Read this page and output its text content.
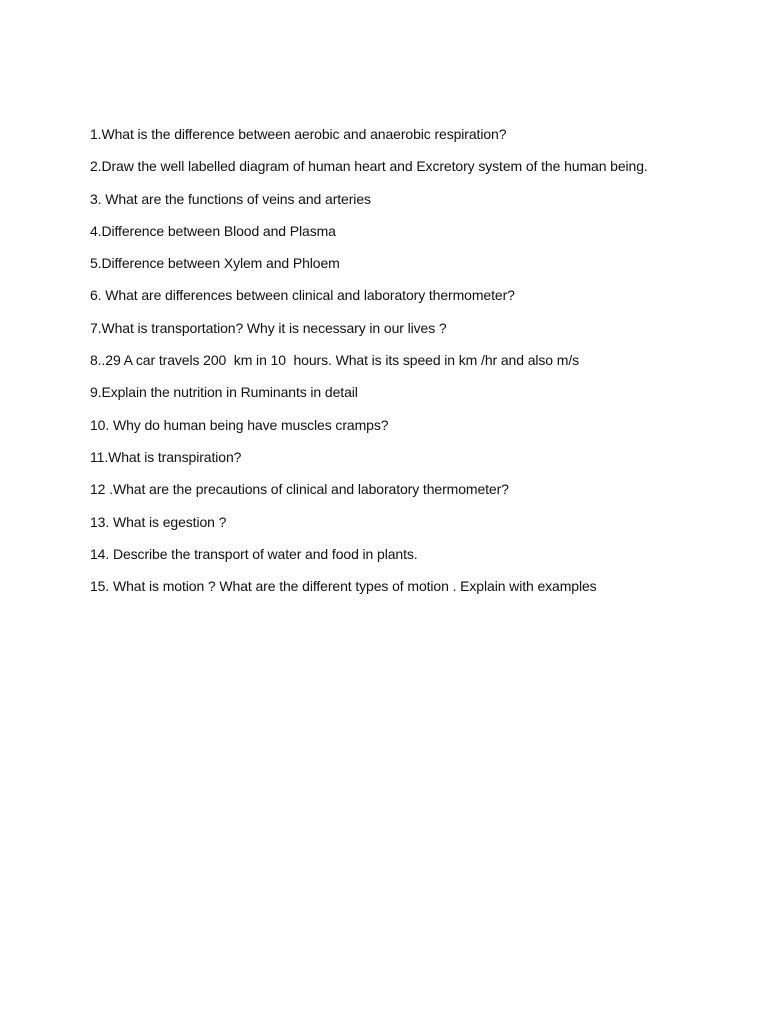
1.What is the difference between aerobic and anaerobic respiration?
2.Draw the well labelled diagram of human heart and Excretory system of the human being.
3. What are the functions of veins and arteries
4.Difference between Blood and Plasma
5.Difference between Xylem and Phloem
6. What are differences between clinical and laboratory thermometer?
7.What is transportation? Why it is necessary in our lives ?
8..29 A car travels 200  km in 10  hours. What is its speed in km /hr and also m/s
9.Explain the nutrition in Ruminants in detail
10. Why do human being have muscles cramps?
11.What is transpiration?
12 .What are the precautions of clinical and laboratory thermometer?
13. What is egestion ?
14. Describe the transport of water and food in plants.
15. What is motion ? What are the different types of motion . Explain with examples
